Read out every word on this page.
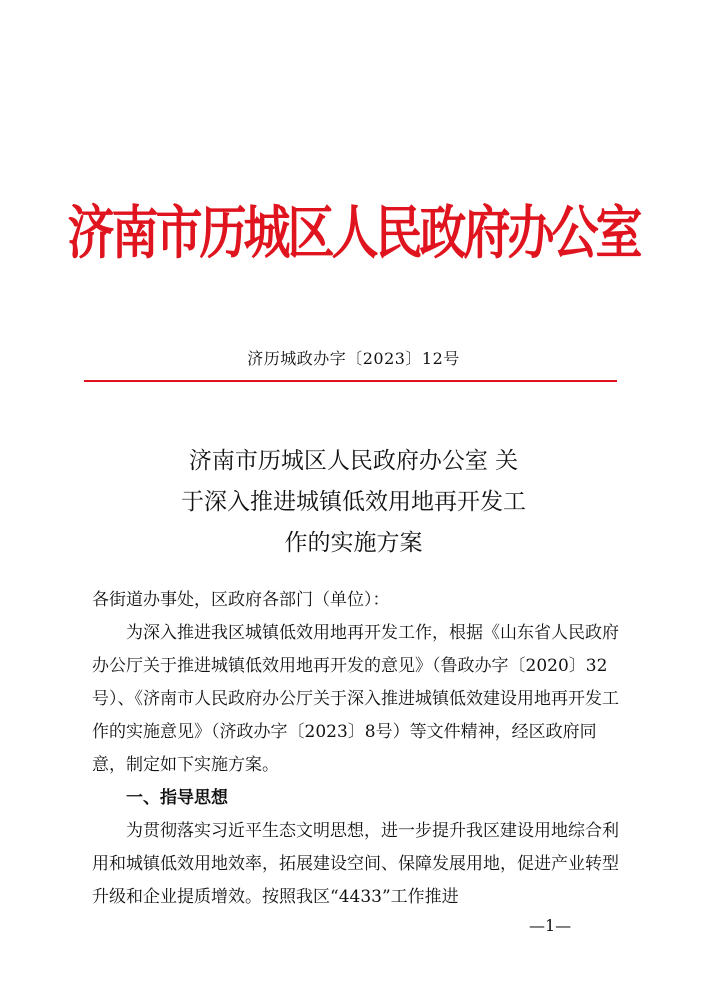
济南市历城区人民政府办公室
济历城政办字〔2023〕12号
济南市历城区人民政府办公室 关
于深入推进城镇低效用地再开发工
作的实施方案

各街道办事处，区政府各部门（单位）：

为深入推进我区城镇低效用地再开发工作，根据《山东省人民政府办公厅关于推进城镇低效用地再开发的意见》（鲁政办字〔2020〕32号）、《济南市人民政府办公厅关于深入推进城镇低效建设用地再开发工作的实施意见》（济政办字〔2023〕8号）等文件精神，经区政府同意，制定如下实施方案。

一、指导思想

为贯彻落实习近平生态文明思想，进一步提升我区建设用地综合利用和城镇低效用地效率，拓展建设空间、保障发展用地，促进产业转型升级和企业提质增效。按照我区“4433”工作推进

—1—
